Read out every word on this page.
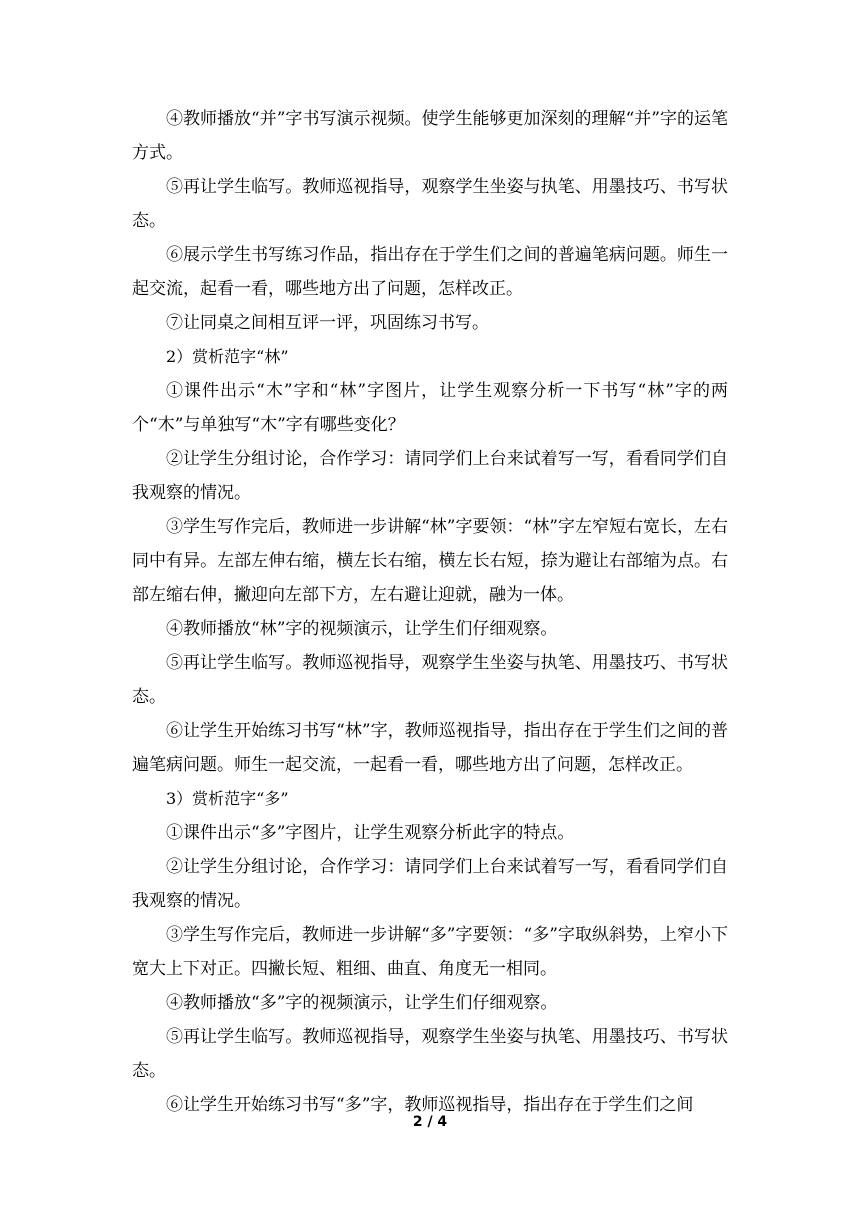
④教师播放“并”字书写演示视频。使学生能够更加深刻的理解“并”字的运笔方式。

⑤再让学生临写。教师巡视指导，观察学生坐姿与执笔、用墨技巧、书写状态。

⑥展示学生书写练习作品，指出存在于学生们之间的普遍笔病问题。师生一起交流，起看一看，哪些地方出了问题，怎样改正。

⑦让同桌之间相互评一评，巩固练习书写。

2）赏析范字“林”

①课件出示“木”字和“林”字图片，让学生观察分析一下书写“林”字的两个“木”与单独写“木”字有哪些变化？

②让学生分组讨论，合作学习：请同学们上台来试着写一写，看看同学们自我观察的情况。

③学生写作完后，教师进一步讲解“林”字要领：“林”字左窄短右宽长，左右同中有异。左部左伸右缩，横左长右缩，横左长右短，捺为避让右部缩为点。右部左缩右伸，撇迎向左部下方，左右避让迎就，融为一体。

④教师播放“林”字的视频演示，让学生们仔细观察。

⑤再让学生临写。教师巡视指导，观察学生坐姿与执笔、用墨技巧、书写状态。

⑥让学生开始练习书写“林”字，教师巡视指导，指出存在于学生们之间的普遍笔病问题。师生一起交流，一起看一看，哪些地方出了问题，怎样改正。

3）赏析范字“多”

①课件出示“多”字图片，让学生观察分析此字的特点。

②让学生分组讨论，合作学习：请同学们上台来试着写一写，看看同学们自我观察的情况。

③学生写作完后，教师进一步讲解“多”字要领：“多”字取纵斜势，上窄小下宽大上下对正。四撇长短、粗细、曲直、角度无一相同。

④教师播放“多”字的视频演示，让学生们仔细观察。

⑤再让学生临写。教师巡视指导，观察学生坐姿与执笔、用墨技巧、书写状态。

⑥让学生开始练习书写“多”字，教师巡视指导，指出存在于学生们之间

2 / 4
